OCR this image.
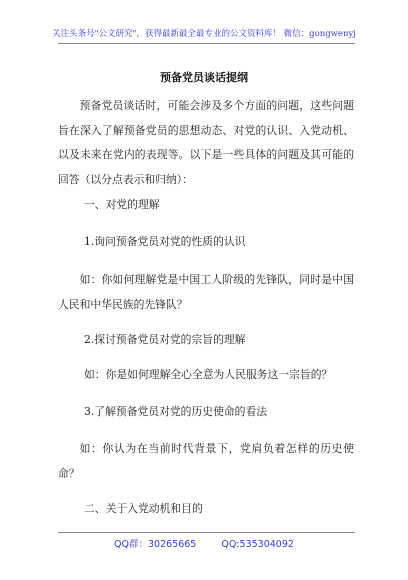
关注头条号"公文研究"，获得最新最全最专业的公文资料库！ 微信：gongwenyj
预备党员谈话提纲
预备党员谈话时，可能会涉及多个方面的问题，这些问题旨在深入了解预备党员的思想动态、对党的认识、入党动机、以及未来在党内的表现等。以下是一些具体的问题及其可能的回答（以分点表示和归纳）：
一、对党的理解
1.询问预备党员对党的性质的认识
如：你如何理解党是中国工人阶级的先锋队，同时是中国人民和中华民族的先锋队？
2.探讨预备党员对党的宗旨的理解
如：你是如何理解全心全意为人民服务这一宗旨的？
3.了解预备党员对党的历史使命的看法
如：你认为在当前时代背景下，党肩负着怎样的历史使命？
二、关于入党动机和目的
QQ群：30265665	QQ:535304092
